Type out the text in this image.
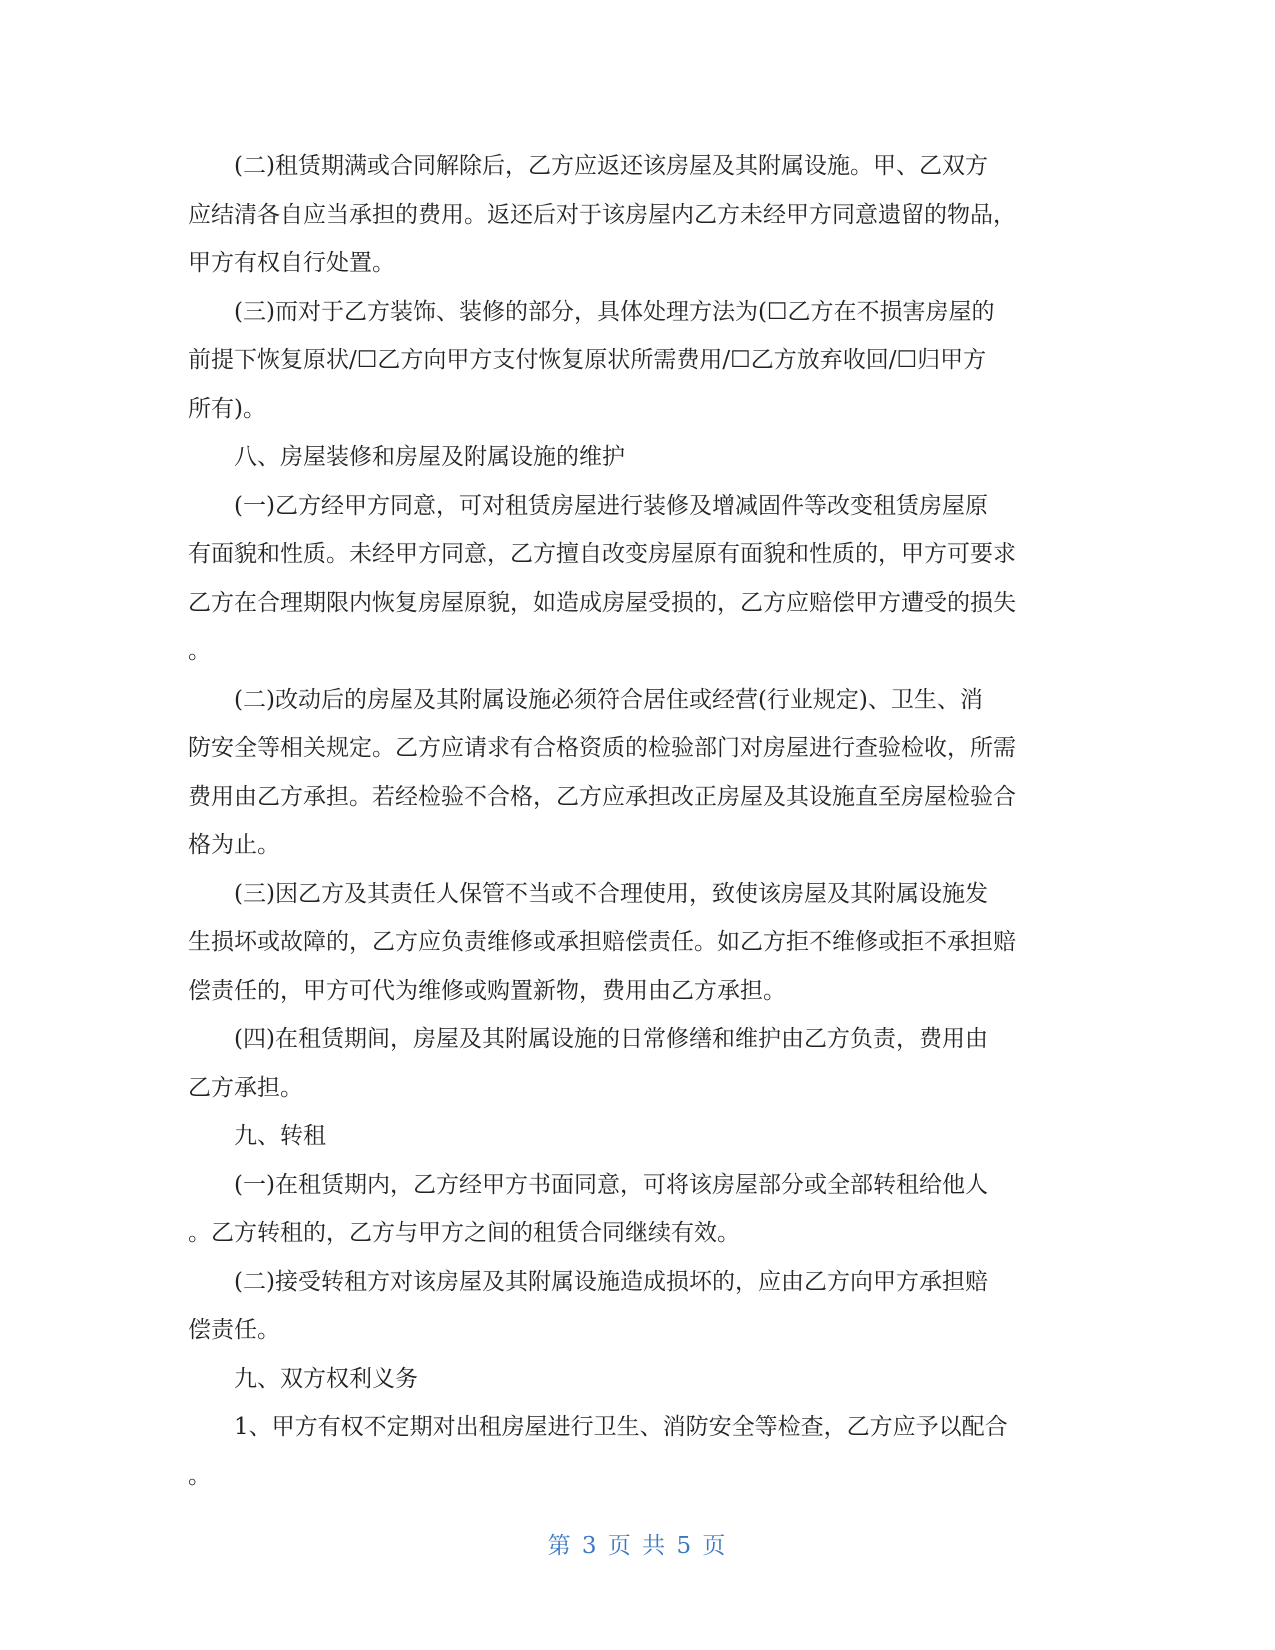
(二)租赁期满或合同解除后，乙方应返还该房屋及其附属设施。甲、乙双方
应结清各自应当承担的费用。返还后对于该房屋内乙方未经甲方同意遗留的物品，
甲方有权自行处置。

(三)而对于乙方装饰、装修的部分，具体处理方法为(☐乙方在不损害房屋的
前提下恢复原状/☐乙方向甲方支付恢复原状所需费用/☐乙方放弃收回/☐归甲方
所有)。

八、房屋装修和房屋及附属设施的维护

(一)乙方经甲方同意，可对租赁房屋进行装修及增减固件等改变租赁房屋原
有面貌和性质。未经甲方同意，乙方擅自改变房屋原有面貌和性质的，甲方可要求
乙方在合理期限内恢复房屋原貌，如造成房屋受损的，乙方应赔偿甲方遭受的损失
。

(二)改动后的房屋及其附属设施必须符合居住或经营(行业规定)、卫生、消
防安全等相关规定。乙方应请求有合格资质的检验部门对房屋进行查验检收，所需
费用由乙方承担。若经检验不合格，乙方应承担改正房屋及其设施直至房屋检验合
格为止。

(三)因乙方及其责任人保管不当或不合理使用，致使该房屋及其附属设施发
生损坏或故障的，乙方应负责维修或承担赔偿责任。如乙方拒不维修或拒不承担赔
偿责任的，甲方可代为维修或购置新物，费用由乙方承担。

(四)在租赁期间，房屋及其附属设施的日常修缮和维护由乙方负责，费用由
乙方承担。

九、转租

(一)在租赁期内，乙方经甲方书面同意，可将该房屋部分或全部转租给他人
。乙方转租的，乙方与甲方之间的租赁合同继续有效。

(二)接受转租方对该房屋及其附属设施造成损坏的，应由乙方向甲方承担赔
偿责任。

九、双方权利义务

1、甲方有权不定期对出租房屋进行卫生、消防安全等检查，乙方应予以配合
。

第 3 页 共 5 页
